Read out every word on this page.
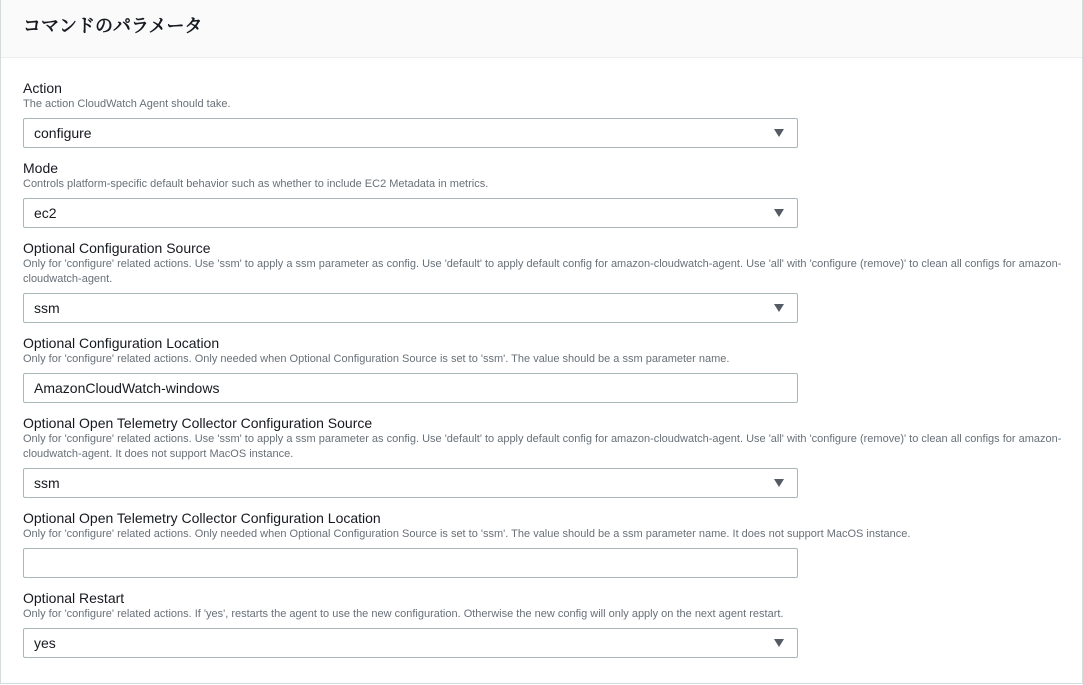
コマンドのパラメータ
Action
The action CloudWatch Agent should take.
configure
Mode
Controls platform-specific default behavior such as whether to include EC2 Metadata in metrics.
ec2
Optional Configuration Source
Only for 'configure' related actions. Use 'ssm' to apply a ssm parameter as config. Use 'default' to apply default config for amazon-cloudwatch-agent. Use 'all' with 'configure (remove)' to clean all configs for amazon-cloudwatch-agent.
ssm
Optional Configuration Location
Only for 'configure' related actions. Only needed when Optional Configuration Source is set to 'ssm'. The value should be a ssm parameter name.
AmazonCloudWatch-windows
Optional Open Telemetry Collector Configuration Source
Only for 'configure' related actions. Use 'ssm' to apply a ssm parameter as config. Use 'default' to apply default config for amazon-cloudwatch-agent. Use 'all' with 'configure (remove)' to clean all configs for amazon-cloudwatch-agent. It does not support MacOS instance.
ssm
Optional Open Telemetry Collector Configuration Location
Only for 'configure' related actions. Only needed when Optional Configuration Source is set to 'ssm'. The value should be a ssm parameter name. It does not support MacOS instance.
Optional Restart
Only for 'configure' related actions. If 'yes', restarts the agent to use the new configuration. Otherwise the new config will only apply on the next agent restart.
yes
